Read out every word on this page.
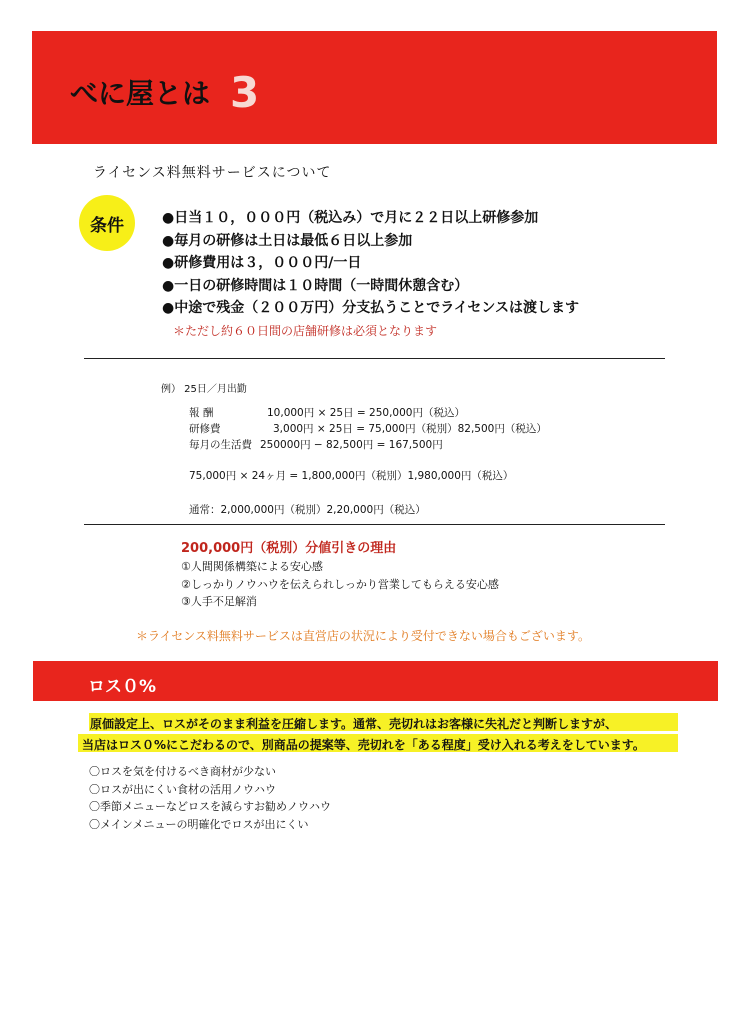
べに屋とは 3
ライセンス料無料サービスについて
条件	●日当１０，０００円（税込み）で月に２２日以上研修参加
●毎月の研修は土日は最低６日以上参加
●研修費用は３，０００円/一日
●一日の研修時間は１０時間（一時間休憩含む）
●中途で残金（２００万円）分支払うことでライセンスは渡します
＊ただし約６０日間の店舗研修は必須となります
例） 25日／月出勤
報 酬	10,000円 × 25日 = 250,000円（税込）
研修費	3,000円 × 25日 = 75,000円（税別）82,500円（税込）
毎月の生活費 250000円 − 82,500円 = 167,500円
75,000円 × 24ヶ月 = 1,800,000円（税別）1,980,000円（税込）
通常：2,000,000円（税別）2,20,000円（税込）
200,000円（税別）分値引きの理由
①人間関係構築による安心感
②しっかりノウハウを伝えられしっかり営業してもらえる安心感
③人手不足解消
＊ライセンス料無料サービスは直営店の状況により受付できない場合もございます。
ロス０%
原価設定上、ロスがそのまま利益を圧縮します。通常、売切れはお客様に失礼だと判断しますが、
当店はロス０%にこだわるので、別商品の提案等、売切れを「ある程度」受け入れる考えをしています。
〇ロスを気を付けるべき商材が少ない
〇ロスが出にくい食材の活用ノウハウ
〇季節メニューなどロスを減らすお勧めノウハウ
〇メインメニューの明確化でロスが出にくい
